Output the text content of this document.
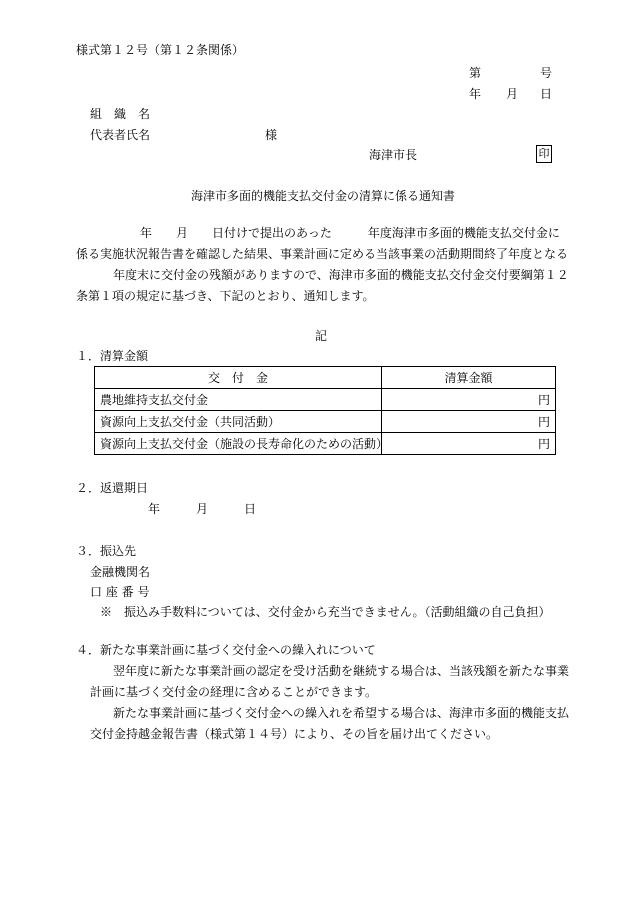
様式第１２号（第１２条関係）
第	号
年 月 日
組　織　名
代表者氏名	様
海津市長	印
海津市多面的機能支払交付金の清算に係る通知書
年　　月　　日付けで提出のあった　　　年度海津市多面的機能支払交付金に
係る実施状況報告書を確認した結果、事業計画に定める当該事業の活動期間終了年度となる
年度末に交付金の残額がありますので、海津市多面的機能支払交付金交付要綱第１２
条第１項の規定に基づき、下記のとおり、通知します。
記
１．清算金額
交　付　金	清算金額
農地維持支払交付金	円
資源向上支払交付金（共同活動）	円
資源向上支払交付金（施設の長寿命化のための活動）	円
２．返還期日
年	月	日
３．振込先
金融機関名
口 座 番 号
※　振込み手数料については、交付金から充当できません。（活動組織の自己負担）
４．新たな事業計画に基づく交付金への繰入れについて
翌年度に新たな事業計画の認定を受け活動を継続する場合は、当該残額を新たな事業
計画に基づく交付金の経理に含めることができます。
新たな事業計画に基づく交付金への繰入れを希望する場合は、海津市多面的機能支払
交付金持越金報告書（様式第１４号）により、その旨を届け出てください。
